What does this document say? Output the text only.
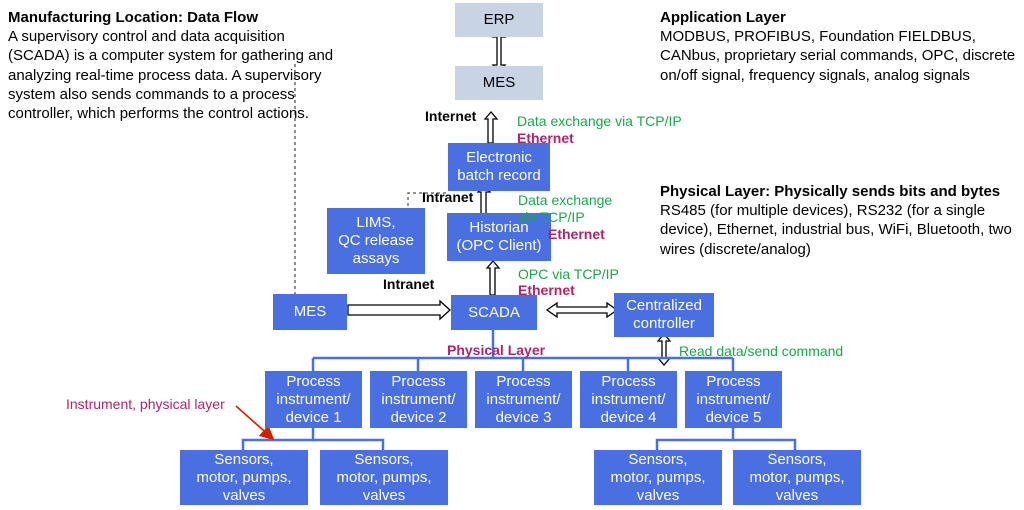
Manufacturing Location: Data Flow
A supervisory control and data acquisition (SCADA) is a computer system for gathering and analyzing real-time process data. A supervisory system also sends commands to a process controller, which performs the control actions.
Application Layer
MODBUS, PROFIBUS, Foundation FIELDBUS, CANbus, proprietary serial commands, OPC, discrete on/off signal, frequency signals, analog signals
Physical Layer: Physically sends bits and bytes
RS485 (for multiple devices), RS232 (for a single device), Ethernet, industrial bus, WiFi, Bluetooth, two wires (discrete/analog)
ERP
MES
Electronic
batch record
LIMS,
QC release
assays
Historian
(OPC Client)
MES	SCADA	Centralized
controller
Process
instrument/
device 1
Process
instrument/
device 2
Process
instrument/
device 3
Process
instrument/
device 4
Process
instrument/
device 5
Sensors,
motor, pumps,
valves
Sensors,
motor, pumps,
valves
Sensors,
motor, pumps,
valves
Sensors,
motor, pumps,
valves
Internet	Data exchange via TCP/IP
Ethernet
Intranet	Data exchange
via TCP/IP
Ethernet
Intranet
OPC via TCP/IP
Ethernet
Physical Layer	Read data/send command
Instrument, physical layer
